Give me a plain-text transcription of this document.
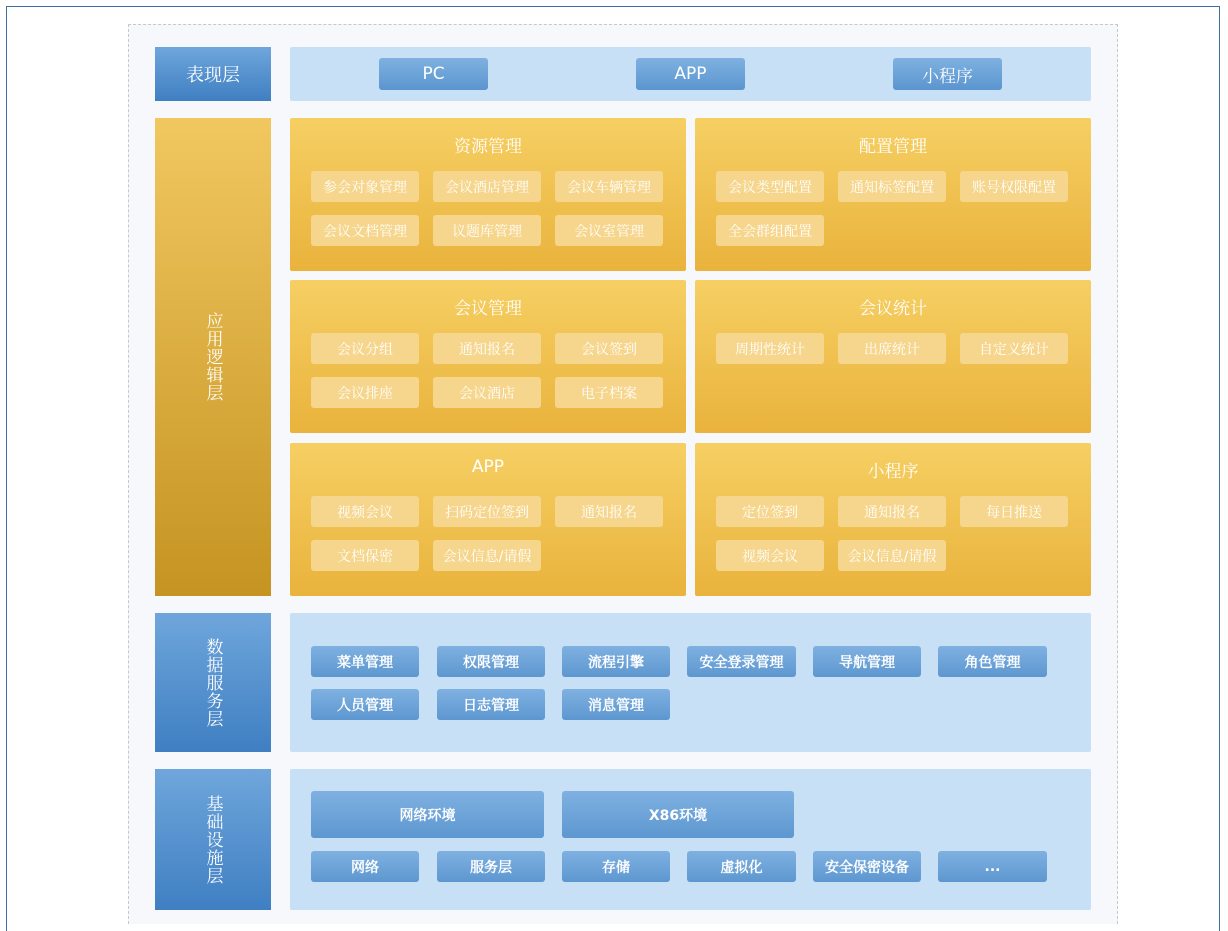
表现层	PC	APP	小程序
应用逻辑层
资源管理
参会对象管理	会议酒店管理	会议车辆管理
会议文档管理	议题库管理	会议室管理
配置管理
会议类型配置	通知标签配置	账号权限配置
全会群组配置
会议管理
会议分组	通知报名	会议签到
会议排座	会议酒店	电子档案
会议统计
周期性统计	出席统计	自定义统计
APP
视频会议	扫码定位签到	通知报名
文档保密	会议信息/请假
小程序
定位签到	通知报名	每日推送
视频会议	会议信息/请假
数据服务层	菜单管理	权限管理	流程引擎	安全登录管理	导航管理	角色管理
人员管理	日志管理	消息管理
基础设施层	网络环境	X86环境
网络	服务层	存储	虚拟化	安全保密设备	...
